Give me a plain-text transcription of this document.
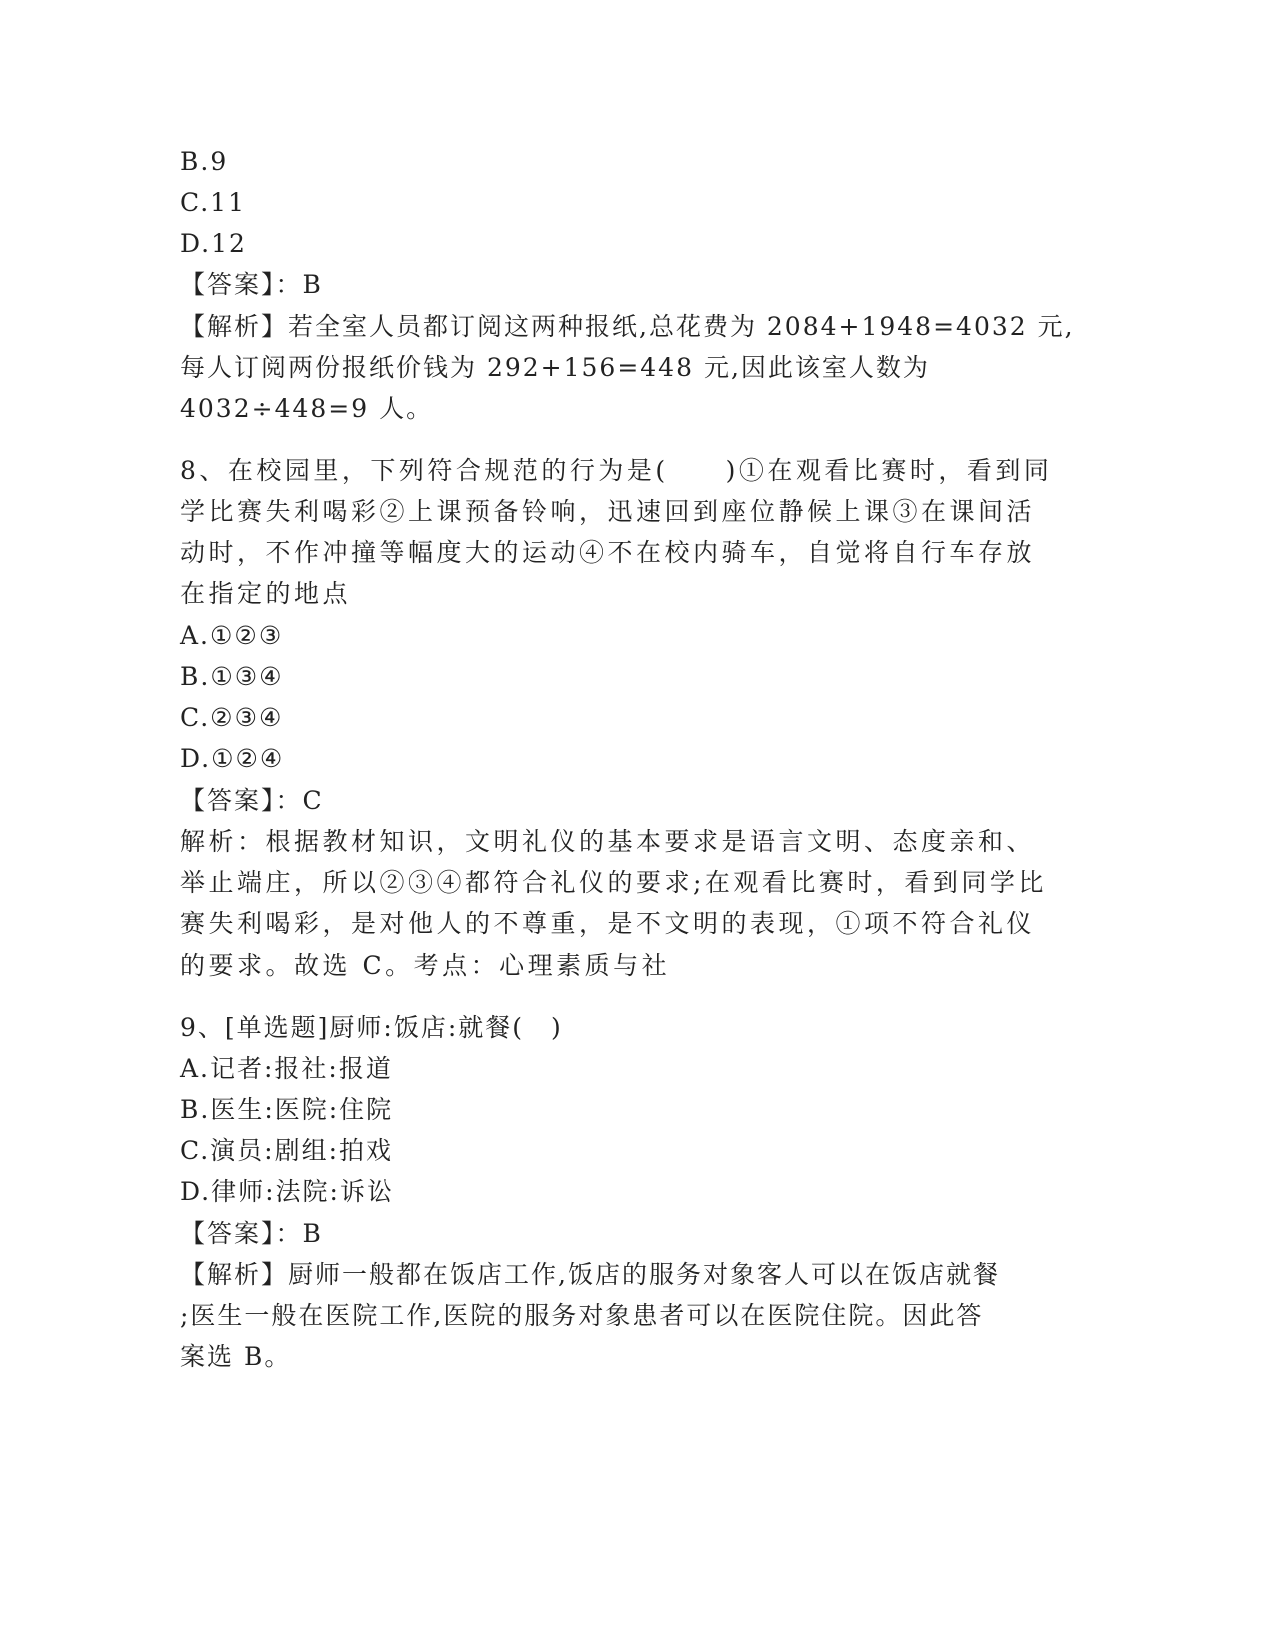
B.9
C.11
D.12
【答案】：B
【解析】若全室人员都订阅这两种报纸,总花费为 2084+1948=4032 元,
每人订阅两份报纸价钱为 292+156=448 元,因此该室人数为
4032÷448=9 人。
8、在校园里，下列符合规范的行为是(　　)①在观看比赛时，看到同
学比赛失利喝彩②上课预备铃响，迅速回到座位静候上课③在课间活
动时，不作冲撞等幅度大的运动④不在校内骑车，自觉将自行车存放
在指定的地点
A.①②③
B.①③④
C.②③④
D.①②④
【答案】：C
解析：根据教材知识，文明礼仪的基本要求是语言文明、态度亲和、
举止端庄，所以②③④都符合礼仪的要求;在观看比赛时，看到同学比
赛失利喝彩，是对他人的不尊重，是不文明的表现，①项不符合礼仪
的要求。故选 C。考点：心理素质与社
9、[单选题]厨师:饭店:就餐(　)
A.记者:报社:报道
B.医生:医院:住院
C.演员:剧组:拍戏
D.律师:法院:诉讼
【答案】：B
【解析】厨师一般都在饭店工作,饭店的服务对象客人可以在饭店就餐
;医生一般在医院工作,医院的服务对象患者可以在医院住院。因此答
案选 B。
